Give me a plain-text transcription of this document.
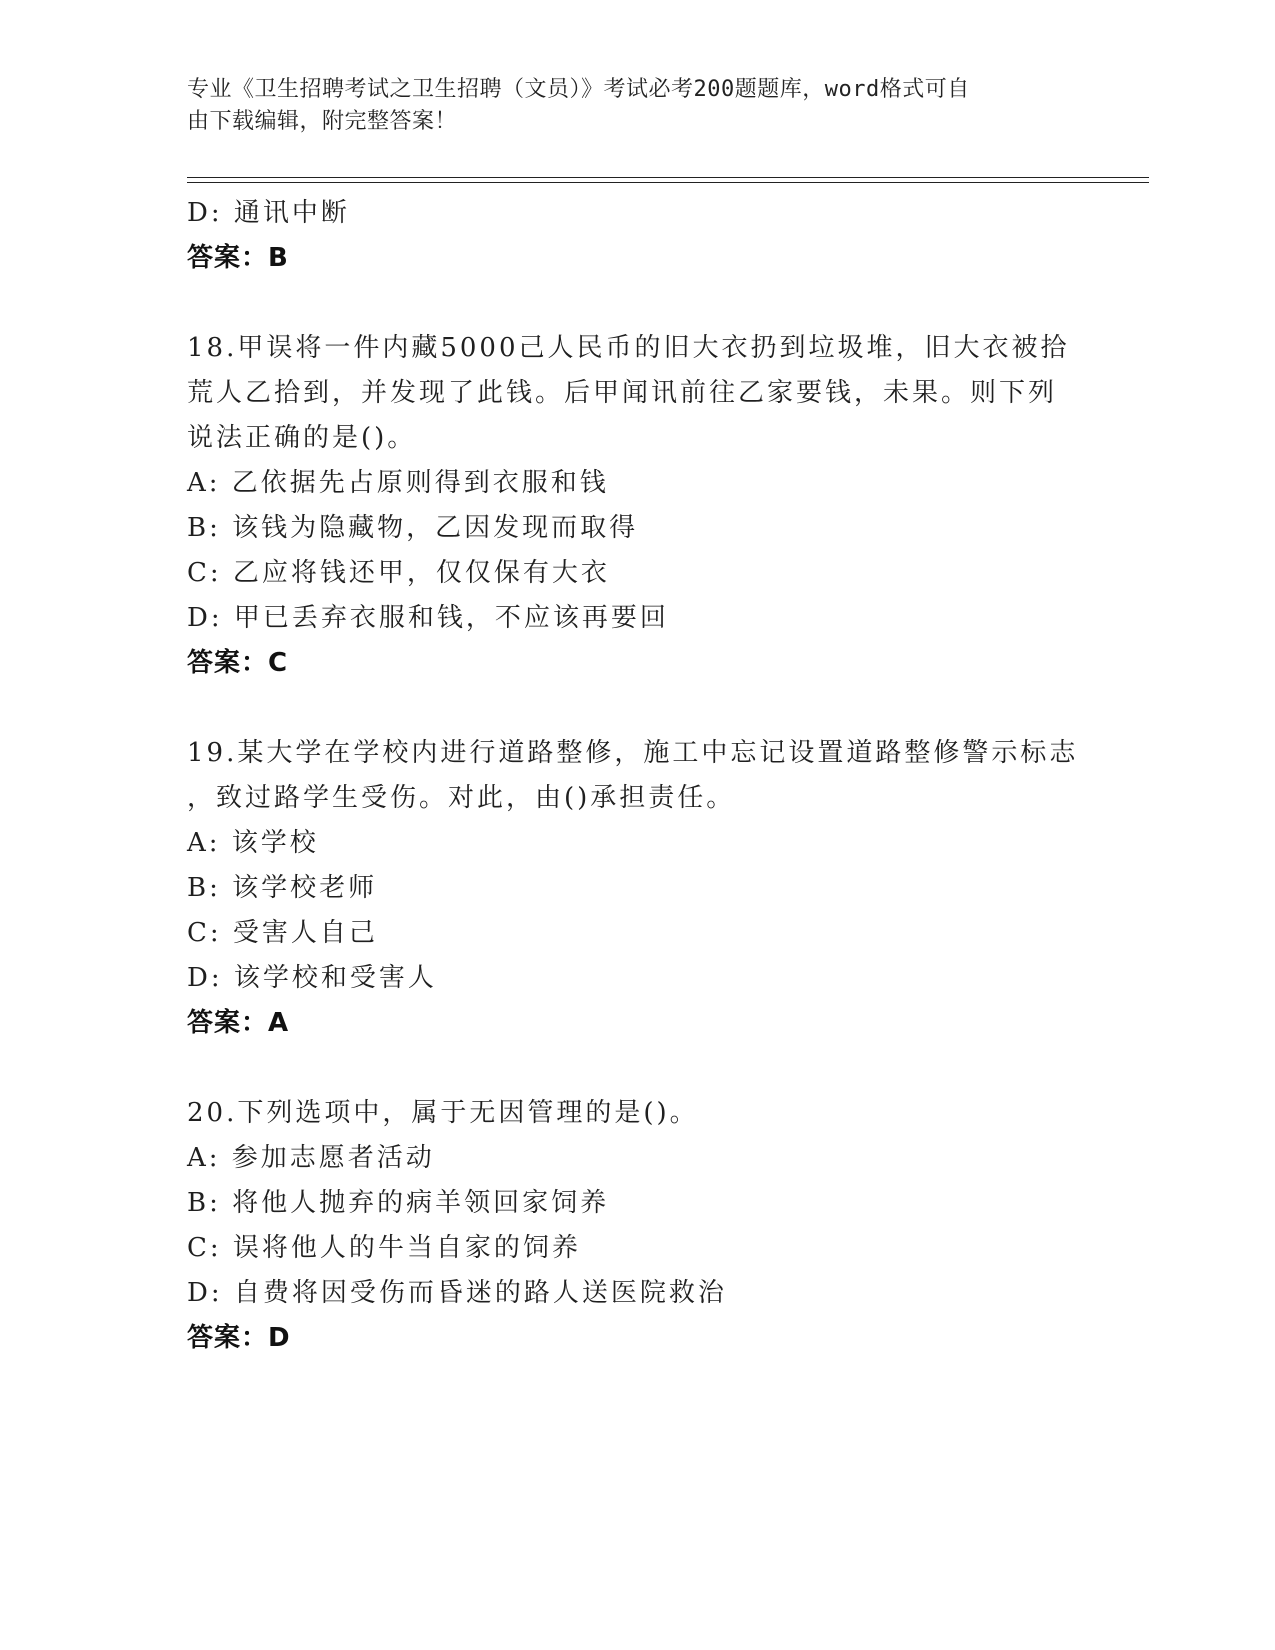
专业《卫生招聘考试之卫生招聘（文员）》考试必考200题题库，word格式可自
由下载编辑，附完整答案！
D: 通讯中断
答案：B
18.甲误将一件内藏5000己人民币的旧大衣扔到垃圾堆，旧大衣被拾
荒人乙拾到，并发现了此钱。后甲闻讯前往乙家要钱，未果。则下列
说法正确的是()。
A: 乙依据先占原则得到衣服和钱
B: 该钱为隐藏物，乙因发现而取得
C: 乙应将钱还甲，仅仅保有大衣
D: 甲已丢弃衣服和钱，不应该再要回
答案：C
19.某大学在学校内进行道路整修，施工中忘记设置道路整修警示标志
，致过路学生受伤。对此，由()承担责任。
A: 该学校
B: 该学校老师
C: 受害人自己
D: 该学校和受害人
答案：A
20.下列选项中，属于无因管理的是()。
A: 参加志愿者活动
B: 将他人抛弃的病羊领回家饲养
C: 误将他人的牛当自家的饲养
D: 自费将因受伤而昏迷的路人送医院救治
答案：D
